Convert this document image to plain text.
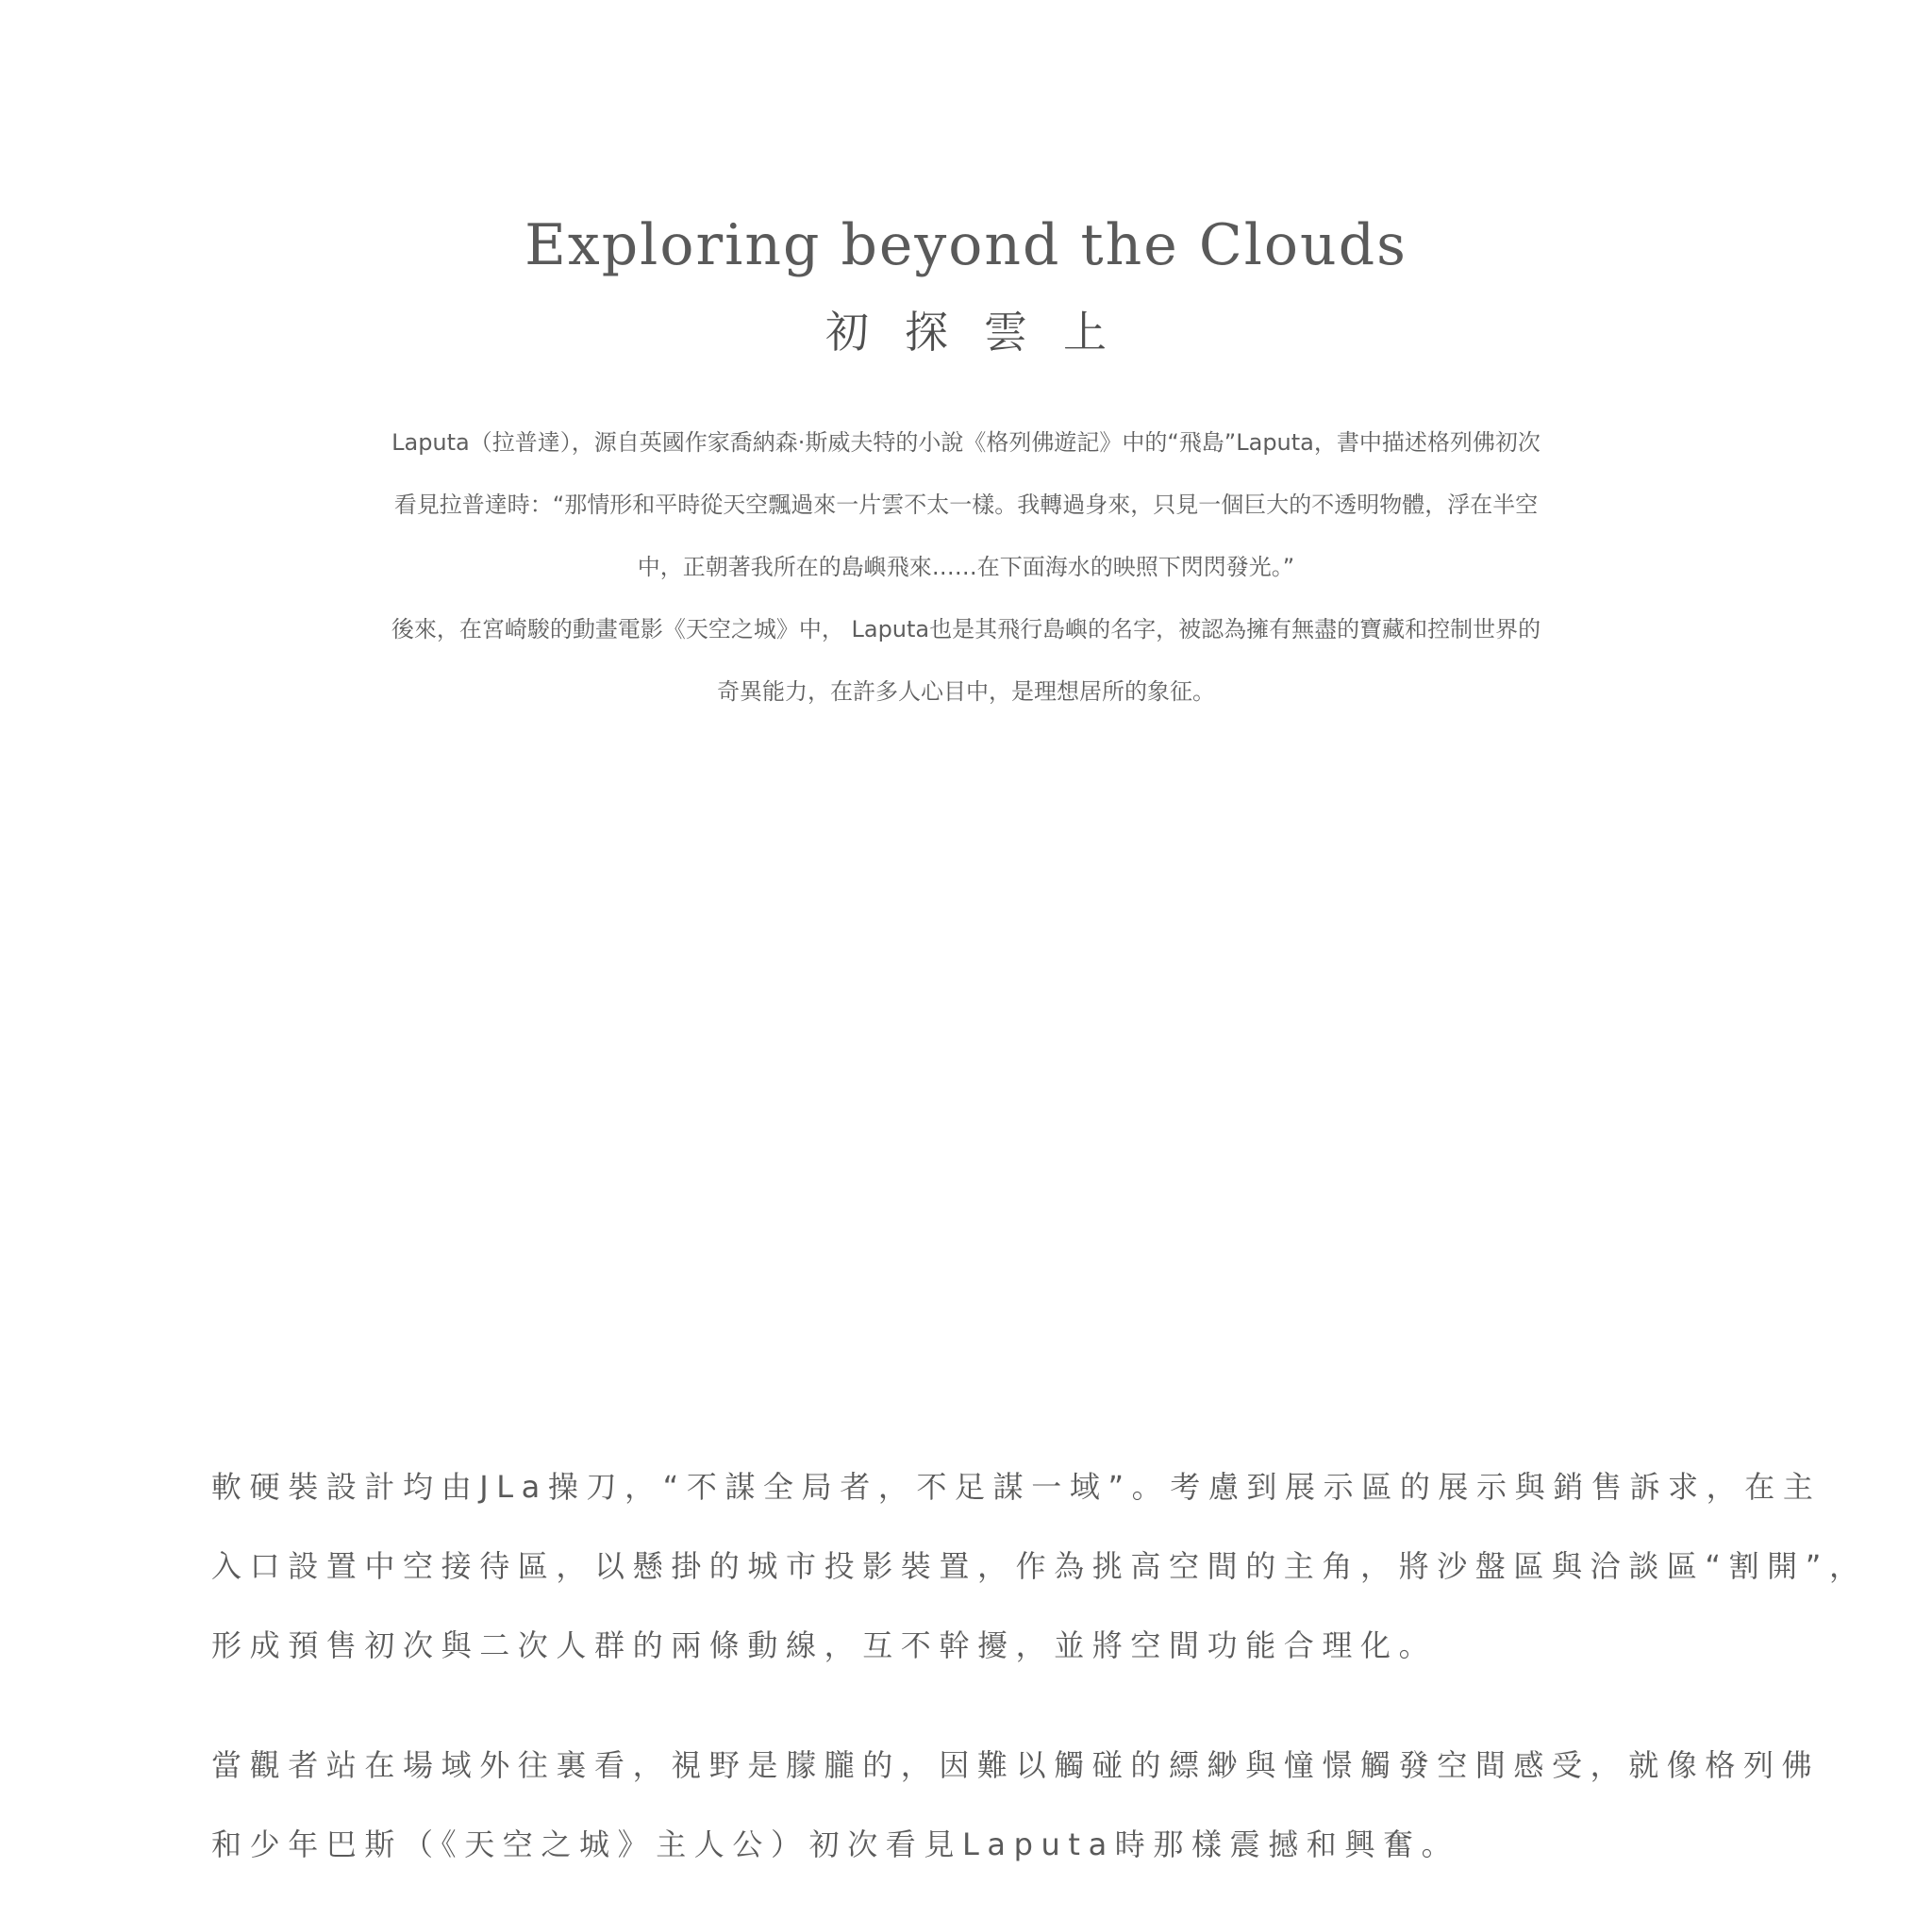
Exploring beyond the Clouds
初探雲上

Laputa（拉普達），源自英國作家喬納森·斯威夫特的小說《格列佛遊記》中的“飛島”Laputa，書中描述格列佛初次

看見拉普達時：“那情形和平時從天空飄過來一片雲不太一樣。我轉過身來，只見一個巨大的不透明物體，浮在半空

中，正朝著我所在的島嶼飛來……在下面海水的映照下閃閃發光。”

後來，在宮崎駿的動畫電影《天空之城》中， Laputa也是其飛行島嶼的名字，被認為擁有無盡的寶藏和控制世界的

奇異能力，在許多人心目中，是理想居所的象征。

軟硬裝設計均由JLa操刀，“不謀全局者，不足謀一域”。考慮到展示區的展示與銷售訴求，在主
入口設置中空接待區，以懸掛的城市投影裝置，作為挑高空間的主角，將沙盤區與洽談區“割開”，
形成預售初次與二次人群的兩條動線，互不幹擾，並將空間功能合理化。
當觀者站在場域外往裏看，視野是朦朧的，因難以觸碰的縹緲與憧憬觸發空間感受，就像格列佛
和少年巴斯（《天空之城》主人公）初次看見Laputa時那樣震撼和興奮。
